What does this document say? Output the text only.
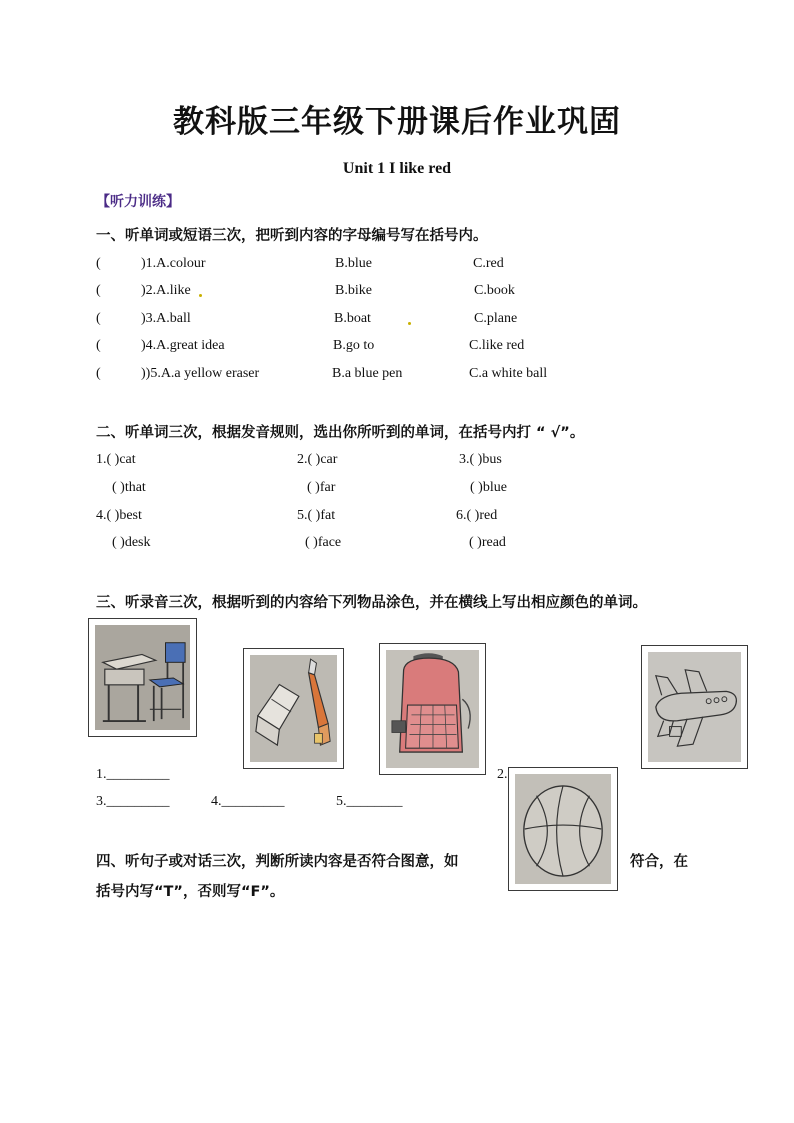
教科版三年级下册课后作业巩固
Unit 1 I like red
【听力训练】
一、听单词或短语三次，把听到内容的字母编号写在括号内。
(	)1.A.colour	B.blue	C.red
(	)2.A.like	B.bike	C.book
(	)3.A.ball	B.boat	C.plane
(	)4.A.great idea	B.go to	C.like red
(	))5.A.a yellow eraser	B.a blue pen	C.a white ball
二、听单词三次，根据发音规则，选出你所听到的单词，在括号内打 “ √”。
1.( )cat	2.( )car	3.( )bus
( )that	( )far	( )blue
4.( )best	5.( )fat	6.( )red
( )desk	( )face	( )read
三、听录音三次，根据听到的内容给下列物品涂色，并在横线上写出相应颜色的单词。
1._________	2.
3._________	4._________	5.________
四、听句子或对话三次，判断所读内容是否符合图意，如	符合，在
括号内写“T”，否则写“F”。
